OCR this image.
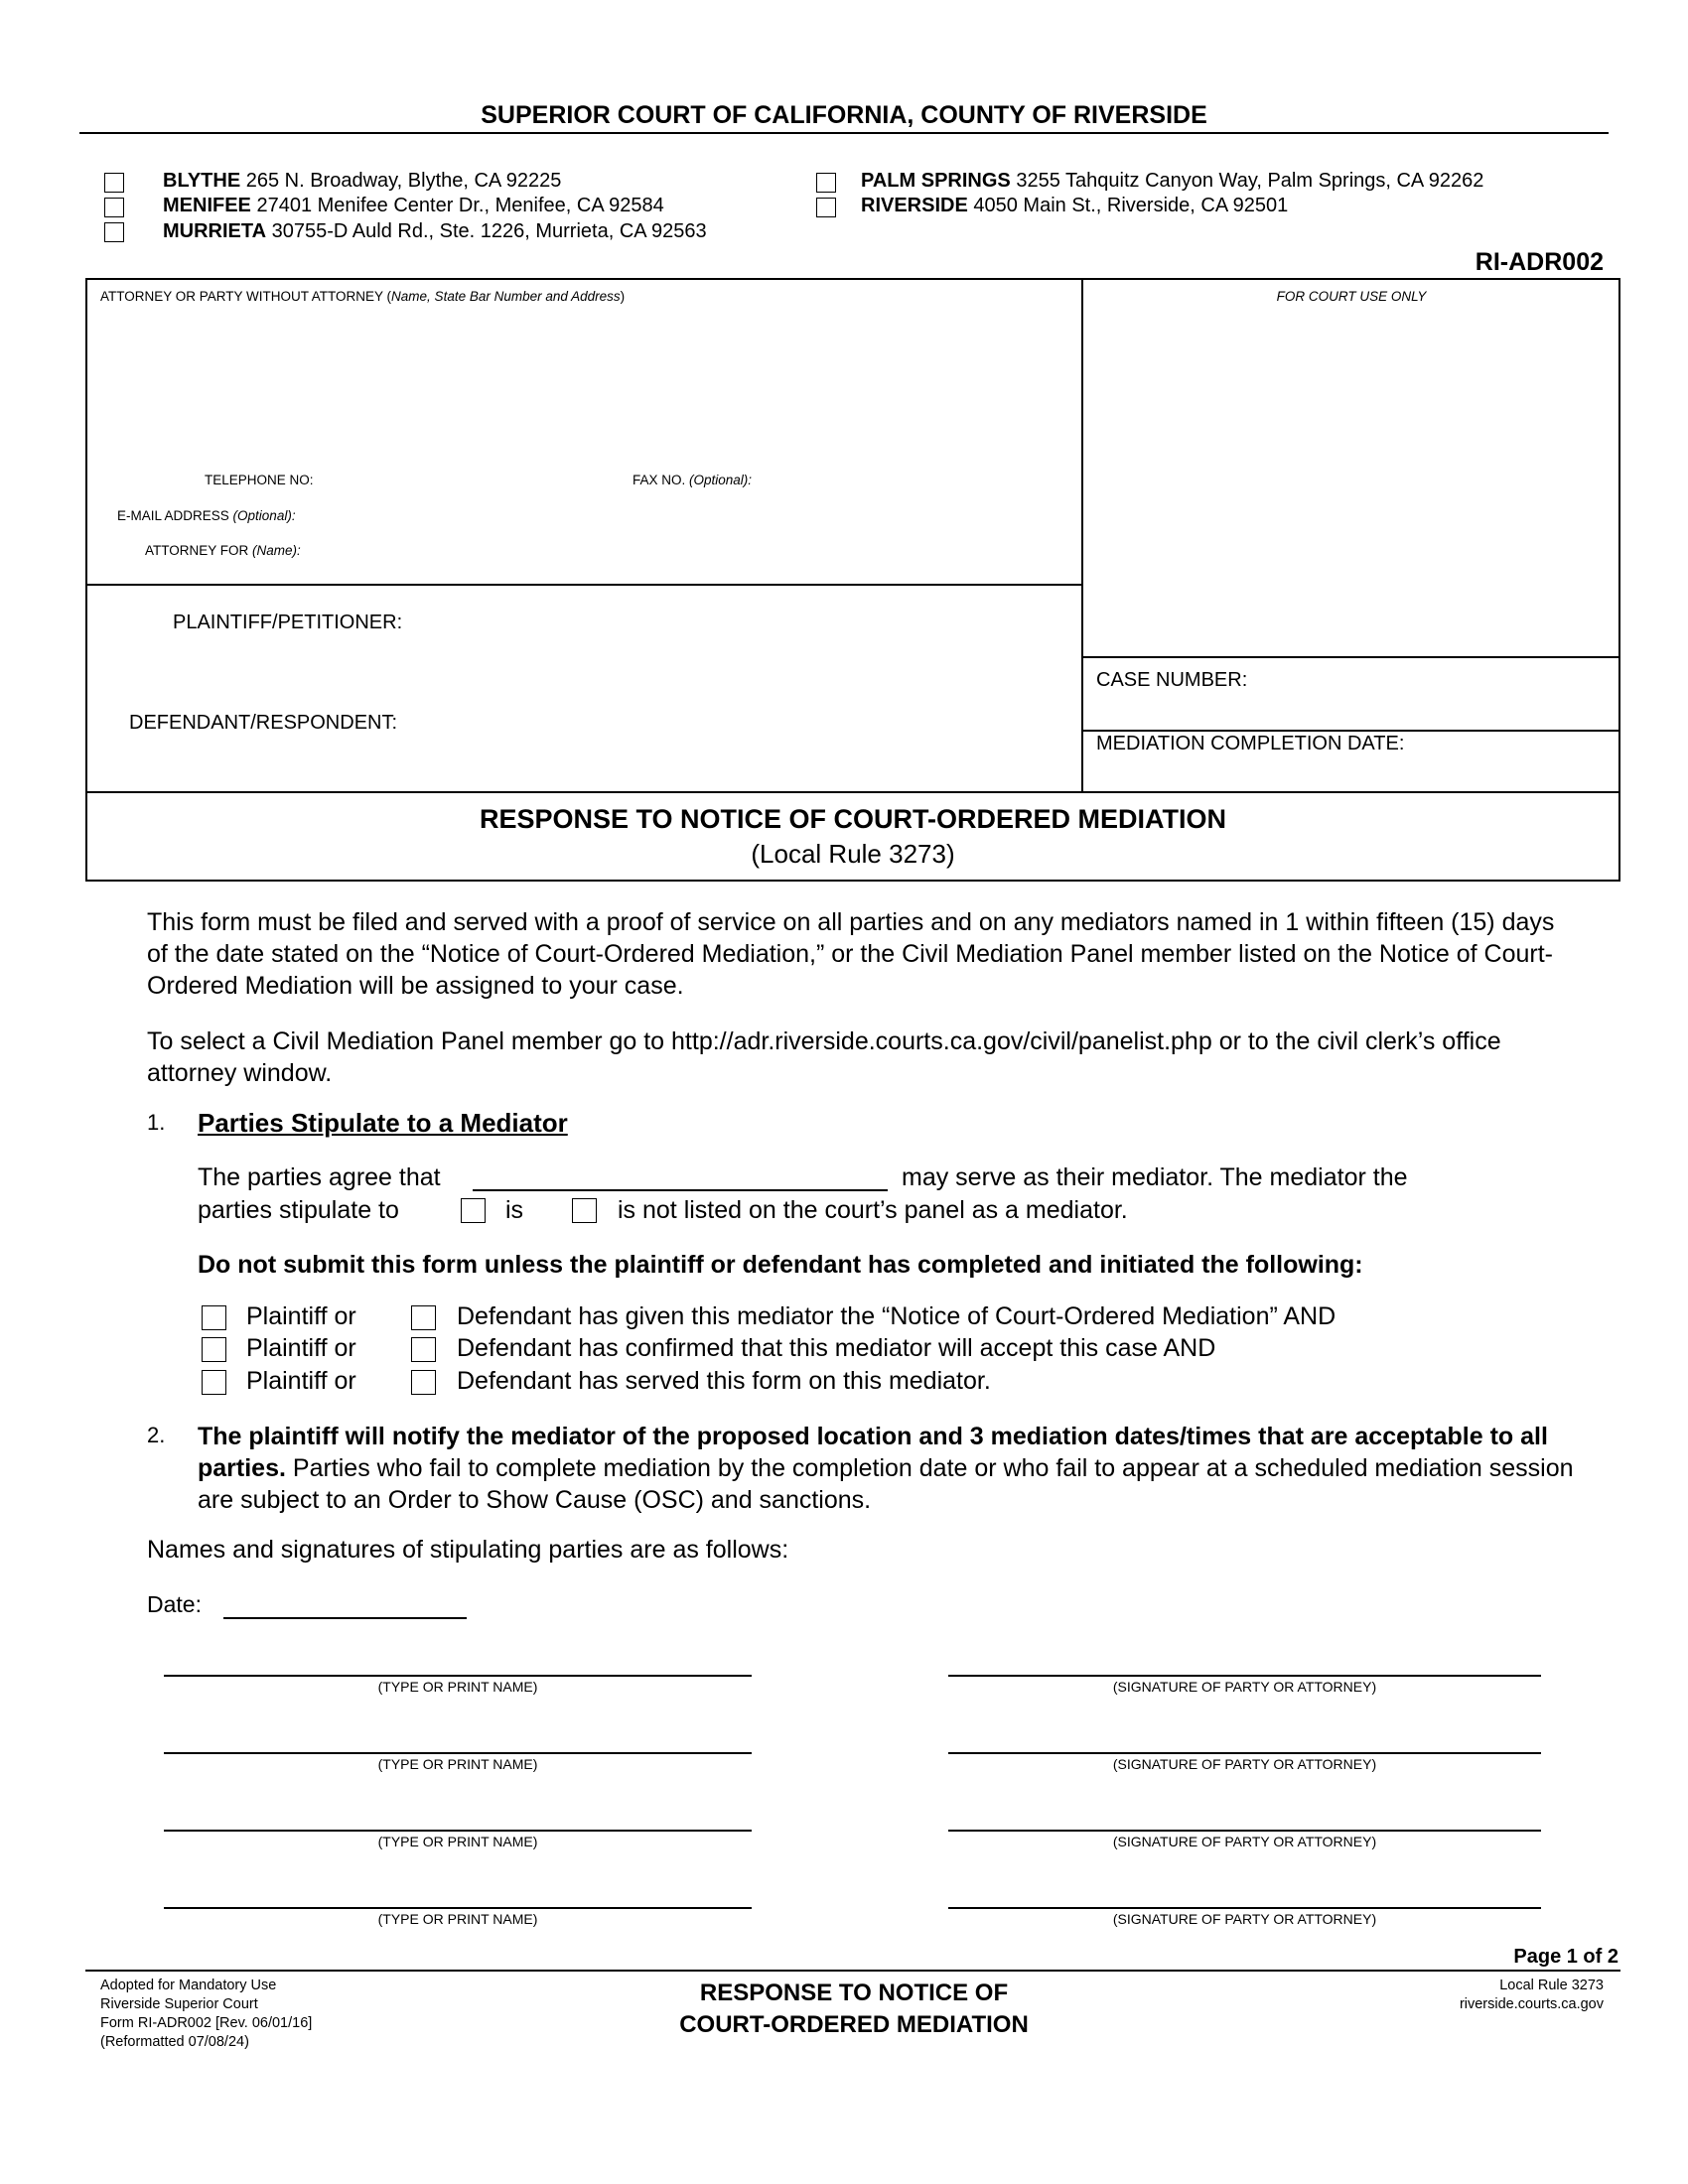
SUPERIOR COURT OF CALIFORNIA, COUNTY OF RIVERSIDE
BLYTHE 265 N. Broadway, Blythe, CA 92225
MENIFEE 27401 Menifee Center Dr., Menifee, CA 92584
MURRIETA 30755-D Auld Rd., Ste. 1226, Murrieta, CA 92563
PALM SPRINGS 3255 Tahquitz Canyon Way, Palm Springs, CA 92262
RIVERSIDE 4050 Main St., Riverside, CA 92501
RI-ADR002
ATTORNEY OR PARTY WITHOUT ATTORNEY (Name, State Bar Number and Address)	FOR COURT USE ONLY
TELEPHONE NO:	FAX NO. (Optional):
E-MAIL ADDRESS (Optional):
ATTORNEY FOR (Name):
PLAINTIFF/PETITIONER:
DEFENDANT/RESPONDENT:
CASE NUMBER:
MEDIATION COMPLETION DATE:
RESPONSE TO NOTICE OF COURT-ORDERED MEDIATION
(Local Rule 3273)
This form must be filed and served with a proof of service on all parties and on any mediators named in 1 within fifteen (15) days of the date stated on the “Notice of Court-Ordered Mediation,” or the Civil Mediation Panel member listed on the Notice of Court-Ordered Mediation will be assigned to your case.
To select a Civil Mediation Panel member go to http://adr.riverside.courts.ca.gov/civil/panelist.php or to the civil clerk’s office attorney window.
1. Parties Stipulate to a Mediator
The parties agree that	may serve as their mediator. The mediator the
parties stipulate to	is	is not listed on the court’s panel as a mediator.
Do not submit this form unless the plaintiff or defendant has completed and initiated the following:
Plaintiff or	Defendant has given this mediator the “Notice of Court-Ordered Mediation” AND
Plaintiff or	Defendant has confirmed that this mediator will accept this case AND
Plaintiff or	Defendant has served this form on this mediator.
2. The plaintiff will notify the mediator of the proposed location and 3 mediation dates/times that are acceptable to all parties. Parties who fail to complete mediation by the completion date or who fail to appear at a scheduled mediation session are subject to an Order to Show Cause (OSC) and sanctions.
Names and signatures of stipulating parties are as follows:
Date:
(TYPE OR PRINT NAME)	(SIGNATURE OF PARTY OR ATTORNEY)
(TYPE OR PRINT NAME)	(SIGNATURE OF PARTY OR ATTORNEY)
(TYPE OR PRINT NAME)	(SIGNATURE OF PARTY OR ATTORNEY)
(TYPE OR PRINT NAME)	(SIGNATURE OF PARTY OR ATTORNEY)
Page 1 of 2
Adopted for Mandatory Use
Riverside Superior Court
Form RI-ADR002 [Rev. 06/01/16]
(Reformatted 07/08/24)
RESPONSE TO NOTICE OF
COURT-ORDERED MEDIATION
Local Rule 3273
riverside.courts.ca.gov
